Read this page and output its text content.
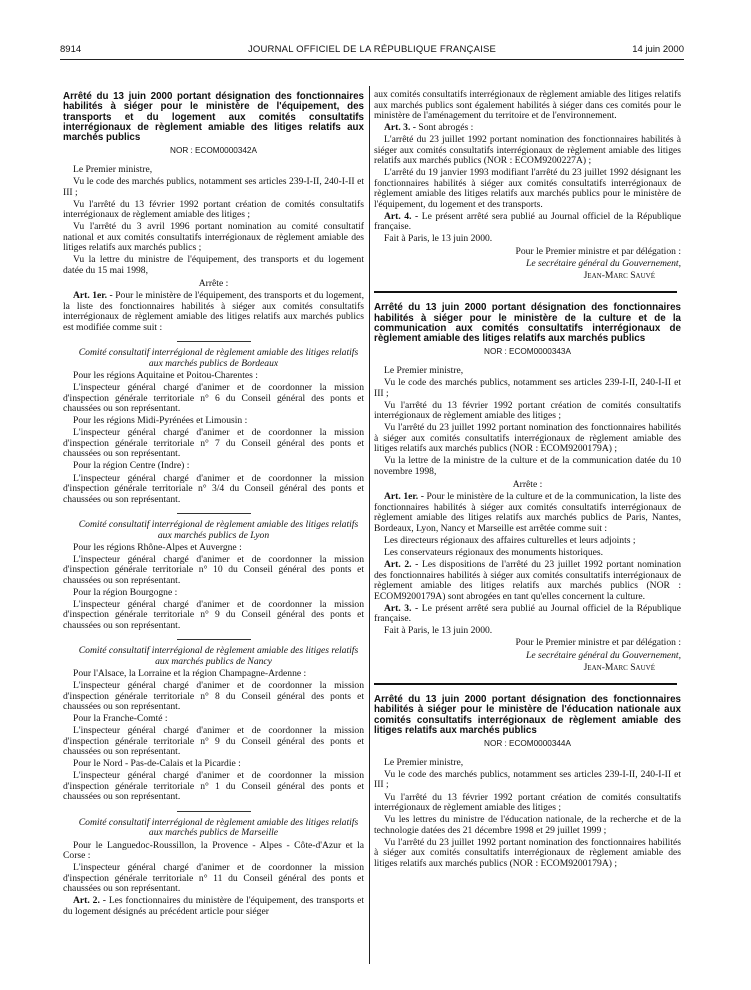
8914	JOURNAL OFFICIEL DE LA RÉPUBLIQUE FRANÇAISE	14 juin 2000

Arrêté du 13 juin 2000 portant désignation des fonctionnaires habilités à siéger pour le ministère de l'équipement, des transports et du logement aux comités consultatifs interrégionaux de règlement amiable des litiges relatifs aux marchés publics

NOR : ECOM0000342A

Le Premier ministre,

Vu le code des marchés publics, notamment ses articles 239-I-II, 240-I-II et III ;

Vu l'arrêté du 13 février 1992 portant création de comités consultatifs interrégionaux de règlement amiable des litiges ;

Vu l'arrêté du 3 avril 1996 portant nomination au comité consultatif national et aux comités consultatifs interrégionaux de règlement amiable des litiges relatifs aux marchés publics ;

Vu la lettre du ministre de l'équipement, des transports et du logement datée du 15 mai 1998,

Arrête :

Art. 1er. - Pour le ministère de l'équipement, des transports et du logement, la liste des fonctionnaires habilités à siéger aux comités consultatifs interrégionaux de règlement amiable des litiges relatifs aux marchés publics est modifiée comme suit :

Comité consultatif interrégional de règlement amiable des litiges relatifs aux marchés publics de Bordeaux

Pour les régions Aquitaine et Poitou-Charentes :

L'inspecteur général chargé d'animer et de coordonner la mission d'inspection générale territoriale n° 6 du Conseil général des ponts et chaussées ou son représentant.

Pour les régions Midi-Pyrénées et Limousin :

L'inspecteur général chargé d'animer et de coordonner la mission d'inspection générale territoriale n° 7 du Conseil général des ponts et chaussées ou son représentant.

Pour la région Centre (Indre) :

L'inspecteur général chargé d'animer et de coordonner la mission d'inspection générale territoriale n° 3/4 du Conseil général des ponts et chaussées ou son représentant.

Comité consultatif interrégional de règlement amiable des litiges relatifs aux marchés publics de Lyon

Pour les régions Rhône-Alpes et Auvergne :

L'inspecteur général chargé d'animer et de coordonner la mission d'inspection générale territoriale n° 10 du Conseil général des ponts et chaussées ou son représentant.

Pour la région Bourgogne :

L'inspecteur général chargé d'animer et de coordonner la mission d'inspection générale territoriale n° 9 du Conseil général des ponts et chaussées ou son représentant.

Comité consultatif interrégional de règlement amiable des litiges relatifs aux marchés publics de Nancy

Pour l'Alsace, la Lorraine et la région Champagne-Ardenne :

L'inspecteur général chargé d'animer et de coordonner la mission d'inspection générale territoriale n° 8 du Conseil général des ponts et chaussées ou son représentant.

Pour la Franche-Comté :

L'inspecteur général chargé d'animer et de coordonner la mission d'inspection générale territoriale n° 9 du Conseil général des ponts et chaussées ou son représentant.

Pour le Nord - Pas-de-Calais et la Picardie :

L'inspecteur général chargé d'animer et de coordonner la mission d'inspection générale territoriale n° 1 du Conseil général des ponts et chaussées ou son représentant.

Comité consultatif interrégional de règlement amiable des litiges relatifs aux marchés publics de Marseille

Pour le Languedoc-Roussillon, la Provence - Alpes - Côte-d'Azur et la Corse :

L'inspecteur général chargé d'animer et de coordonner la mission d'inspection générale territoriale n° 11 du Conseil général des ponts et chaussées ou son représentant.

Art. 2. - Les fonctionnaires du ministère de l'équipement, des transports et du logement désignés au précédent article pour siéger

aux comités consultatifs interrégionaux de règlement amiable des litiges relatifs aux marchés publics sont également habilités à siéger dans ces comités pour le ministère de l'aménagement du territoire et de l'environnement.

Art. 3. - Sont abrogés :

L'arrêté du 23 juillet 1992 portant nomination des fonctionnaires habilités à siéger aux comités consultatifs interrégionaux de règlement amiable des litiges relatifs aux marchés publics (NOR : ECOM9200227A) ;

L'arrêté du 19 janvier 1993 modifiant l'arrêté du 23 juillet 1992 désignant les fonctionnaires habilités à siéger aux comités consultatifs interrégionaux de règlement amiable des litiges relatifs aux marchés publics pour le ministère de l'équipement, du logement et des transports.

Art. 4. - Le présent arrêté sera publié au Journal officiel de la République française.

Fait à Paris, le 13 juin 2000.

Pour le Premier ministre et par délégation :

Le secrétaire général du Gouvernement,

Jean-Marc Sauvé

Arrêté du 13 juin 2000 portant désignation des fonctionnaires habilités à siéger pour le ministère de la culture et de la communication aux comités consultatifs interrégionaux de règlement amiable des litiges relatifs aux marchés publics

NOR : ECOM0000343A

Le Premier ministre,

Vu le code des marchés publics, notamment ses articles 239-I-II, 240-I-II et III ;

Vu l'arrêté du 13 février 1992 portant création de comités consultatifs interrégionaux de règlement amiable des litiges ;

Vu l'arrêté du 23 juillet 1992 portant nomination des fonctionnaires habilités à siéger aux comités consultatifs interrégionaux de règlement amiable des litiges relatifs aux marchés publics (NOR : ECOM9200179A) ;

Vu la lettre de la ministre de la culture et de la communication datée du 10 novembre 1998,

Arrête :

Art. 1er. - Pour le ministère de la culture et de la communication, la liste des fonctionnaires habilités à siéger aux comités consultatifs interrégionaux de règlement amiable des litiges relatifs aux marchés publics de Paris, Nantes, Bordeaux, Lyon, Nancy et Marseille est arrêtée comme suit :

Les directeurs régionaux des affaires culturelles et leurs adjoints ;

Les conservateurs régionaux des monuments historiques.

Art. 2. - Les dispositions de l'arrêté du 23 juillet 1992 portant nomination des fonctionnaires habilités à siéger aux comités consultatifs interrégionaux de règlement amiable des litiges relatifs aux marchés publics (NOR : ECOM9200179A) sont abrogées en tant qu'elles concernent la culture.

Art. 3. - Le présent arrêté sera publié au Journal officiel de la République française.

Fait à Paris, le 13 juin 2000.

Pour le Premier ministre et par délégation :

Le secrétaire général du Gouvernement,

Jean-Marc Sauvé

Arrêté du 13 juin 2000 portant désignation des fonctionnaires habilités à siéger pour le ministère de l'éducation nationale aux comités consultatifs interrégionaux de règlement amiable des litiges relatifs aux marchés publics

NOR : ECOM0000344A

Le Premier ministre,

Vu le code des marchés publics, notamment ses articles 239-I-II, 240-I-II et III ;

Vu l'arrêté du 13 février 1992 portant création de comités consultatifs interrégionaux de règlement amiable des litiges ;

Vu les lettres du ministre de l'éducation nationale, de la recherche et de la technologie datées des 21 décembre 1998 et 29 juillet 1999 ;

Vu l'arrêté du 23 juillet 1992 portant nomination des fonctionnaires habilités à siéger aux comités consultatifs interrégionaux de règlement amiable des litiges relatifs aux marchés publics (NOR : ECOM9200179A) ;
